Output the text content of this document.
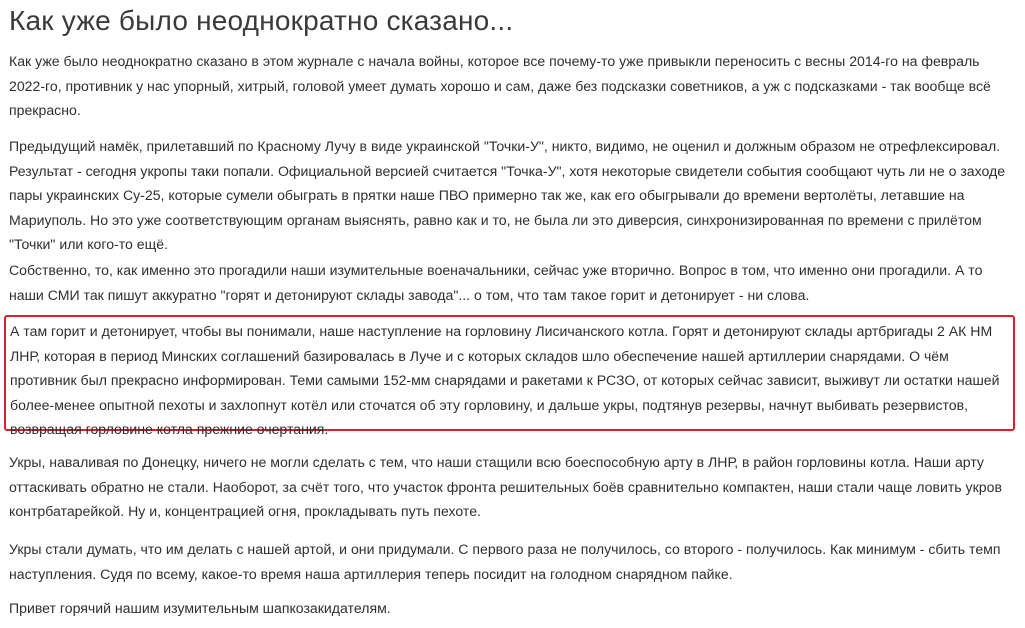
Как уже было неоднократно сказано...

Как уже было неоднократно сказано в этом журнале с начала войны, которое все почему-то уже привыкли переносить с весны 2014-го на февраль 2022-го, противник у нас упорный, хитрый, головой умеет думать хорошо и сам, даже без подсказки советников, а уж с подсказками - так вообще всё прекрасно.

Предыдущий намёк, прилетавший по Красному Лучу в виде украинской "Точки-У", никто, видимо, не оценил и должным образом не отрефлексировал. Результат - сегодня укропы таки попали. Официальной версией считается "Точка-У", хотя некоторые свидетели события сообщают чуть ли не о заходе пары украинских Су-25, которые сумели обыграть в прятки наше ПВО примерно так же, как его обыгрывали до времени вертолёты, летавшие на Мариуполь. Но это уже соответствующим органам выяснять, равно как и то, не была ли это диверсия, синхронизированная по времени с прилётом "Точки" или кого-то ещё.

Собственно, то, как именно это прогадили наши изумительные военачальники, сейчас уже вторично. Вопрос в том, что именно они прогадили. А то наши СМИ так пишут аккуратно "горят и детонируют склады завода"... о том, что там такое горит и детонирует - ни слова.

А там горит и детонирует, чтобы вы понимали, наше наступление на горловину Лисичанского котла. Горят и детонируют склады артбригады 2 АК НМ ЛНР, которая в период Минских соглашений базировалась в Луче и с которых складов шло обеспечение нашей артиллерии снарядами. О чём противник был прекрасно информирован. Теми самыми 152-мм снарядами и ракетами к РСЗО, от которых сейчас зависит, выживут ли остатки нашей более-менее опытной пехоты и захлопнут котёл или сточатся об эту горловину, и дальше укры, подтянув резервы, начнут выбивать резервистов, возвращая горловине котла прежние очертания.

Укры, наваливая по Донецку, ничего не могли сделать с тем, что наши стащили всю боеспособную арту в ЛНР, в район горловины котла. Наши арту оттаскивать обратно не стали. Наоборот, за счёт того, что участок фронта решительных боёв сравнительно компактен, наши стали чаще ловить укров контрбатарейкой. Ну и, концентрацией огня, прокладывать путь пехоте.

Укры стали думать, что им делать с нашей артой, и они придумали. С первого раза не получилось, со второго - получилось. Как минимум - сбить темп наступления. Судя по всему, какое-то время наша артиллерия теперь посидит на голодном снарядном пайке.

Привет горячий нашим изумительным шапкозакидателям.
